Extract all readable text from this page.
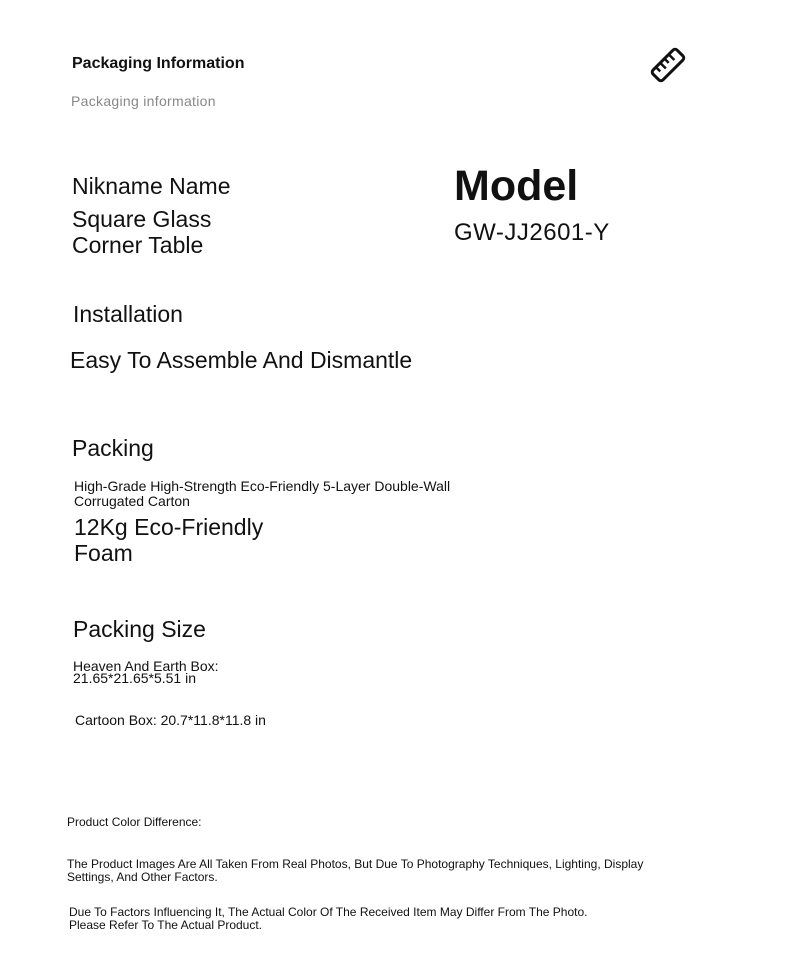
Packaging Information
Packaging information
Nikname Name
Square Glass
Corner Table
Model
GW-JJ2601-Y
Installation
Easy To Assemble And Dismantle
Packing
High-Grade High-Strength Eco-Friendly 5-Layer Double-Wall
Corrugated Carton
12Kg Eco-Friendly
Foam
Packing Size
Heaven And Earth Box:
21.65*21.65*5.51 in
Cartoon Box: 20.7*11.8*11.8 in
Product Color Difference:
The Product Images Are All Taken From Real Photos, But Due To Photography Techniques, Lighting, Display
Settings, And Other Factors.
Due To Factors Influencing It, The Actual Color Of The Received Item May Differ From The Photo.
Please Refer To The Actual Product.
